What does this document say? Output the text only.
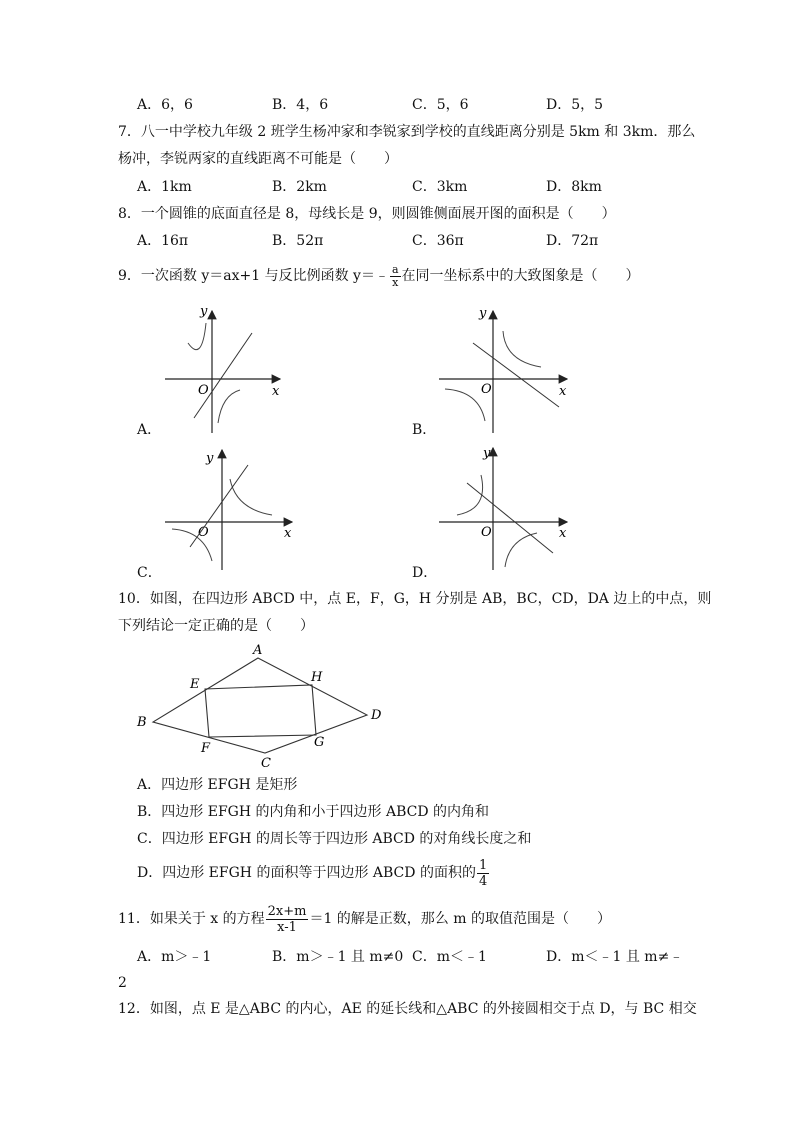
A．6，6	B．4，6	C．5，6	D．5，5
7．八一中学校九年级 2 班学生杨冲家和李锐家到学校的直线距离分别是 5km 和 3km．那么
杨冲，李锐两家的直线距离不可能是（　　）
A．1km	B．2km	C．3km	D．8km
8．一个圆锥的底面直径是 8，母线长是 9，则圆锥侧面展开图的面积是（　　）
A．16π	B．52π	C．36π	D．72π
9．一次函数 y＝ax+1 与反比例函数 y＝﹣ $\frac{a}{x}$ 在同一坐标系中的大致图象是（　　）
y
x
O
A．
y
x
O
B．
y
x
O
C．
y
x
O
D．
10．如图，在四边形 ABCD 中，点 E，F，G，H 分别是 AB，BC，CD，DA 边上的中点，则
下列结论一定正确的是（　　）
A
B
C
D
E
F	G
H
A．四边形 EFGH 是矩形
B．四边形 EFGH 的内角和小于四边形 ABCD 的内角和
C．四边形 EFGH 的周长等于四边形 ABCD 的对角线长度之和
D．四边形 EFGH 的面积等于四边形 ABCD 的面积的 $\frac{1}{4}$
11．如果关于 x 的方程 $\frac{2x+m}{x-1} =1$ 的解是正数，那么 m 的取值范围是（　　）
A．m＞﹣1	B．m＞﹣1 且 m≠0 C．m＜﹣1	D．m＜﹣1 且 m≠﹣
2
12．如图，点 E 是△ABC 的内心，AE 的延长线和△ABC 的外接圆相交于点 D，与 BC 相交
